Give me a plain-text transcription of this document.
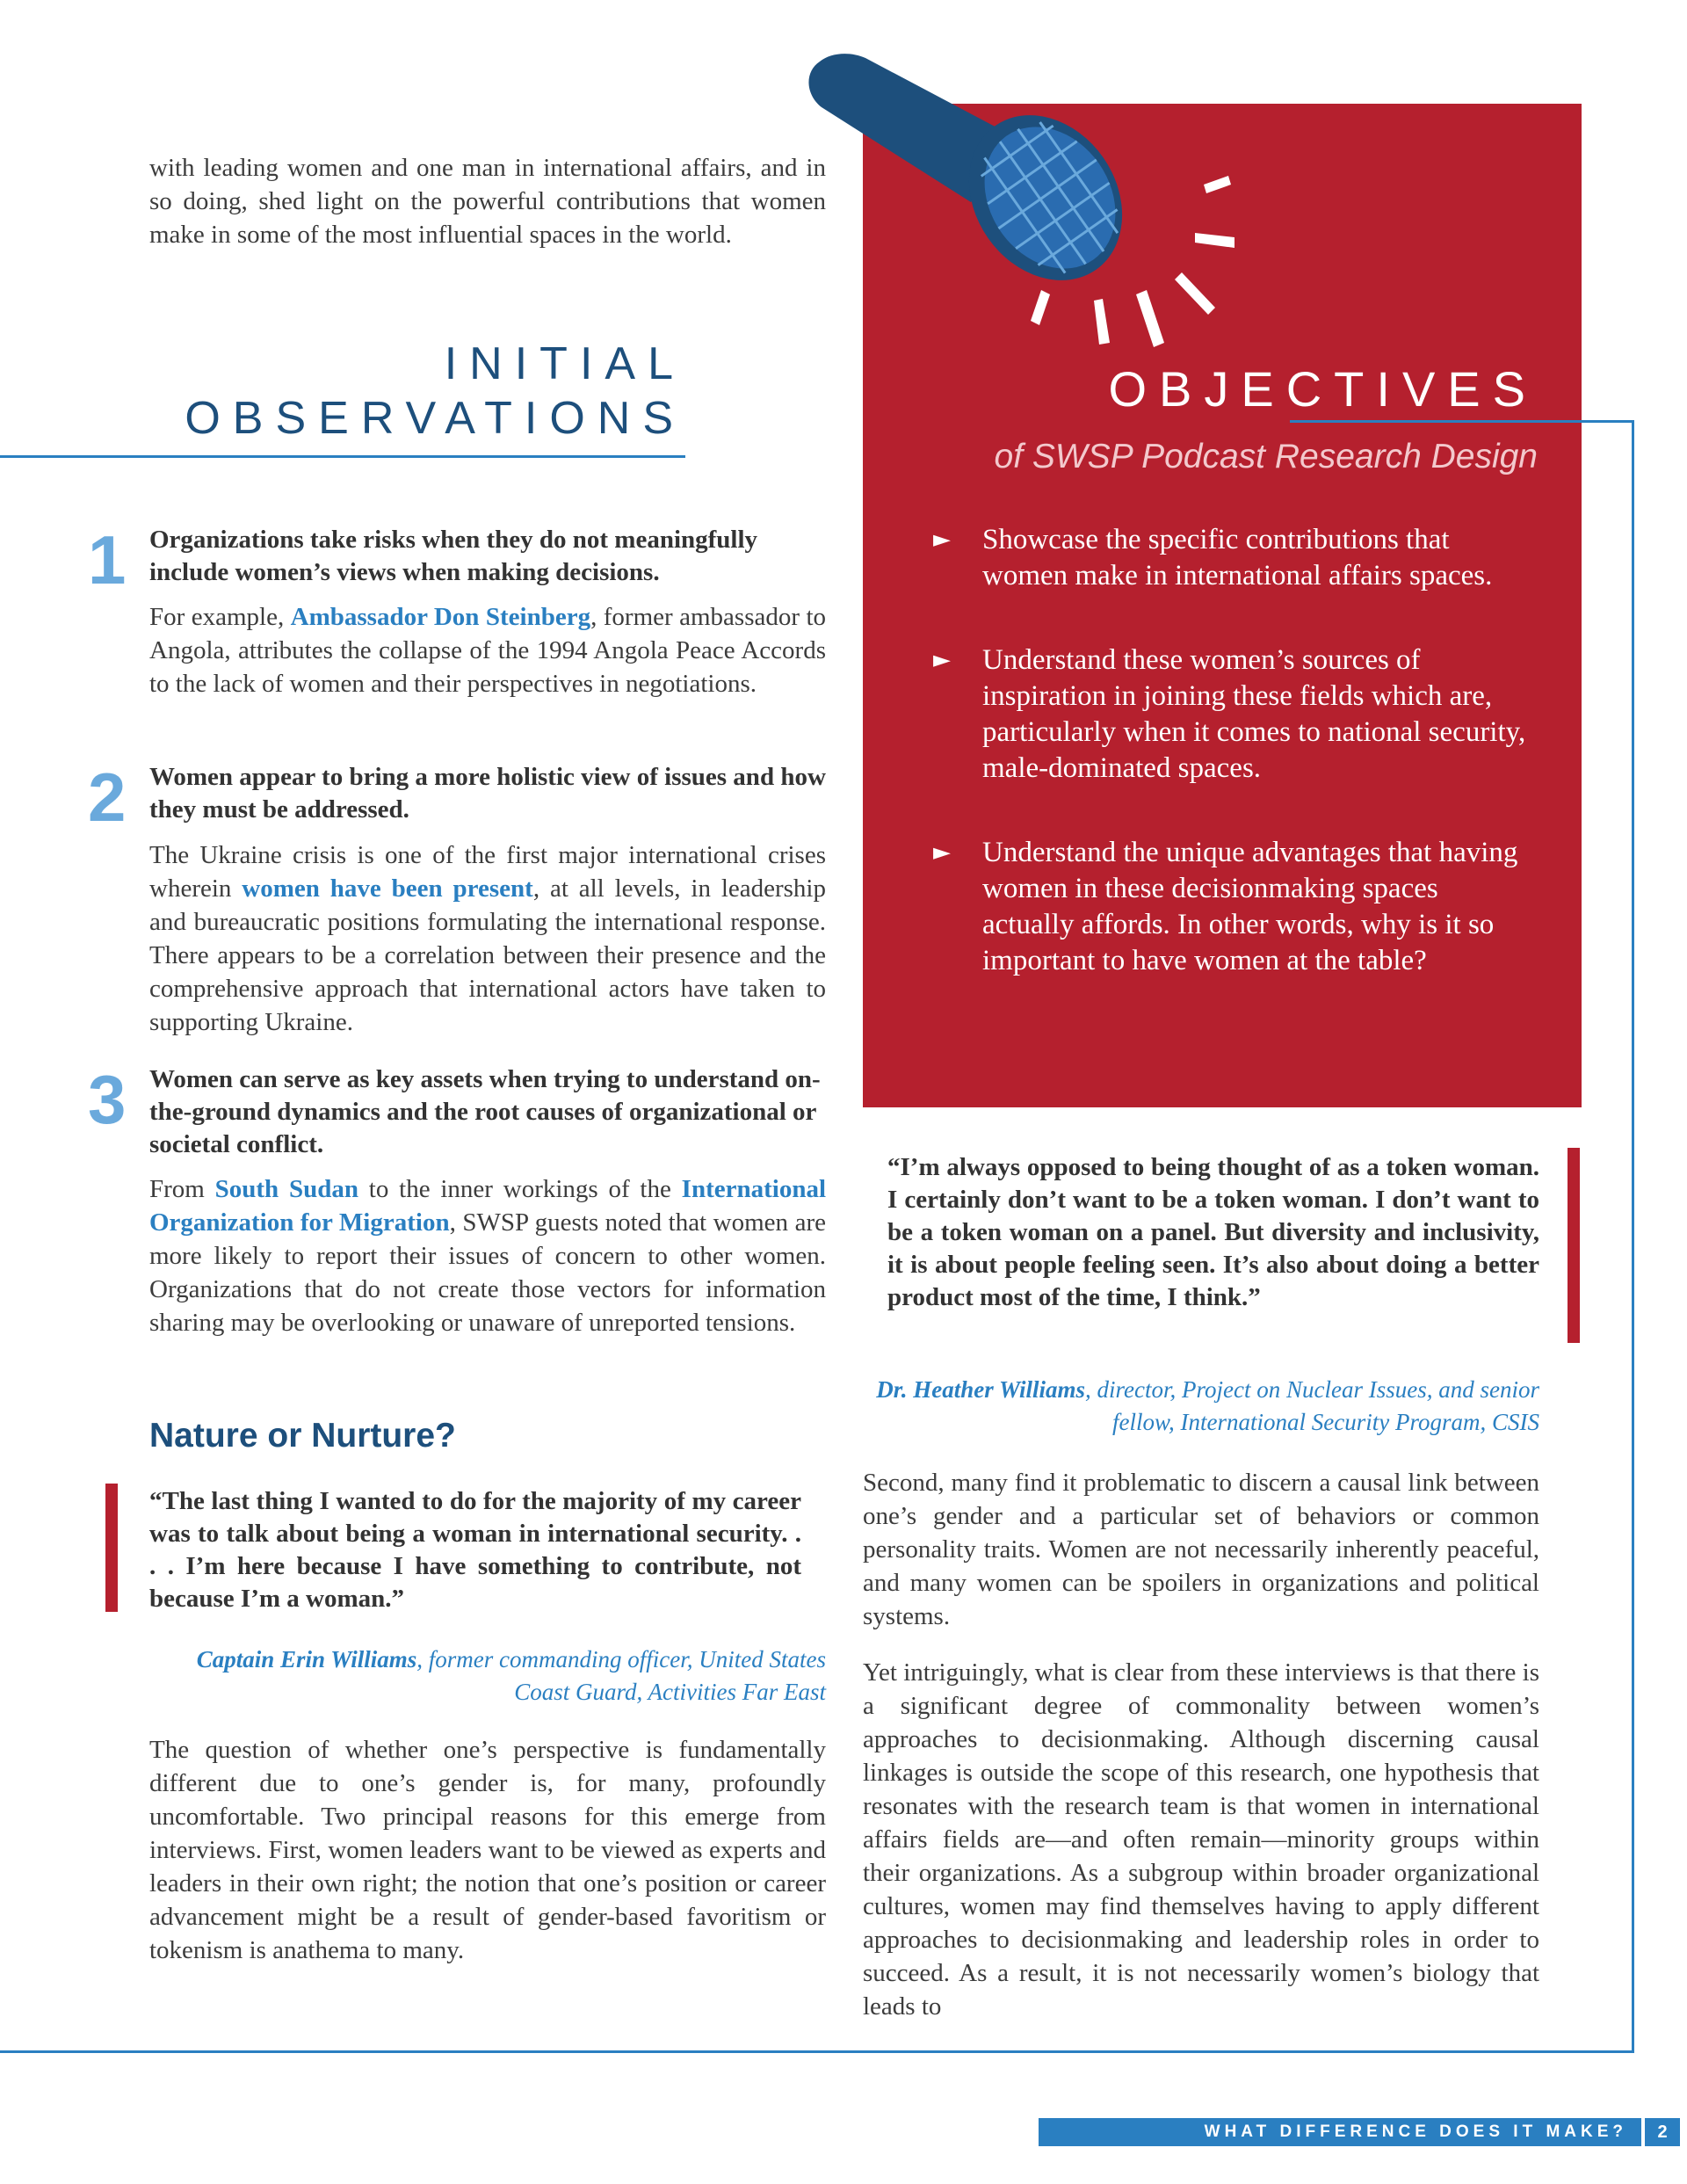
with leading women and one man in international affairs, and in so doing, shed light on the powerful contributions that women make in some of the most influential spaces in the world.

INITIAL
OBSERVATIONS
1 Organizations take risks when they do not meaningfully include women’s views when making decisions.

For example, Ambassador Don Steinberg, former ambassador to Angola, attributes the collapse of the 1994 Angola Peace Accords to the lack of women and their perspectives in negotiations.

2 Women appear to bring a more holistic view of issues and how they must be addressed.

The Ukraine crisis is one of the first major international crises wherein women have been present, at all levels, in leadership and bureaucratic positions formulating the international response. There appears to be a correlation between their presence and the comprehensive approach that international actors have taken to supporting Ukraine.

3 Women can serve as key assets when trying to understand on-the-ground dynamics and the root causes of organizational or societal conflict.

From South Sudan to the inner workings of the International Organization for Migration, SWSP guests noted that women are more likely to report their issues of concern to other women. Organizations that do not create those vectors for information sharing may be overlooking or unaware of unreported tensions.

Nature or Nurture?
“The last thing I wanted to do for the majority of my career was to talk about being a woman in international security. . . . I’m here because I have something to contribute, not because I’m a woman.”
Captain Erin Williams, former commanding officer, United States Coast Guard, Activities Far East

The question of whether one’s perspective is fundamentally different due to one’s gender is, for many, profoundly uncomfortable. Two principal reasons for this emerge from interviews. First, women leaders want to be viewed as experts and leaders in their own right; the notion that one’s position or career advancement might be a result of gender-based favoritism or tokenism is anathema to many.

OBJECTIVES
of SWSP Podcast Research Design
► Showcase the specific contributions that women make in international affairs spaces.
► Understand these women’s sources of inspiration in joining these fields which are, particularly when it comes to national security, male-dominated spaces.
► Understand the unique advantages that having women in these decisionmaking spaces actually affords. In other words, why is it so important to have women at the table?
“I’m always opposed to being thought of as a token woman. I certainly don’t want to be a token woman. I don’t want to be a token woman on a panel. But diversity and inclusivity, it is about people feeling seen. It’s also about doing a better product most of the time, I think.”
Dr. Heather Williams, director, Project on Nuclear Issues, and senior fellow, International Security Program, CSIS

Second, many find it problematic to discern a causal link between one’s gender and a particular set of behaviors or common personality traits. Women are not necessarily inherently peaceful, and many women can be spoilers in organizations and political systems.

Yet intriguingly, what is clear from these interviews is that there is a significant degree of commonality between women’s approaches to decisionmaking. Although discerning causal linkages is outside the scope of this research, one hypothesis that resonates with the research team is that women in international affairs fields are—and often remain—minority groups within their organizations. As a subgroup within broader organizational cultures, women may find themselves having to apply different approaches to decisionmaking and leadership roles in order to succeed. As a result, it is not necessarily women’s biology that leads to

WHAT DIFFERENCE DOES IT MAKE?	2
